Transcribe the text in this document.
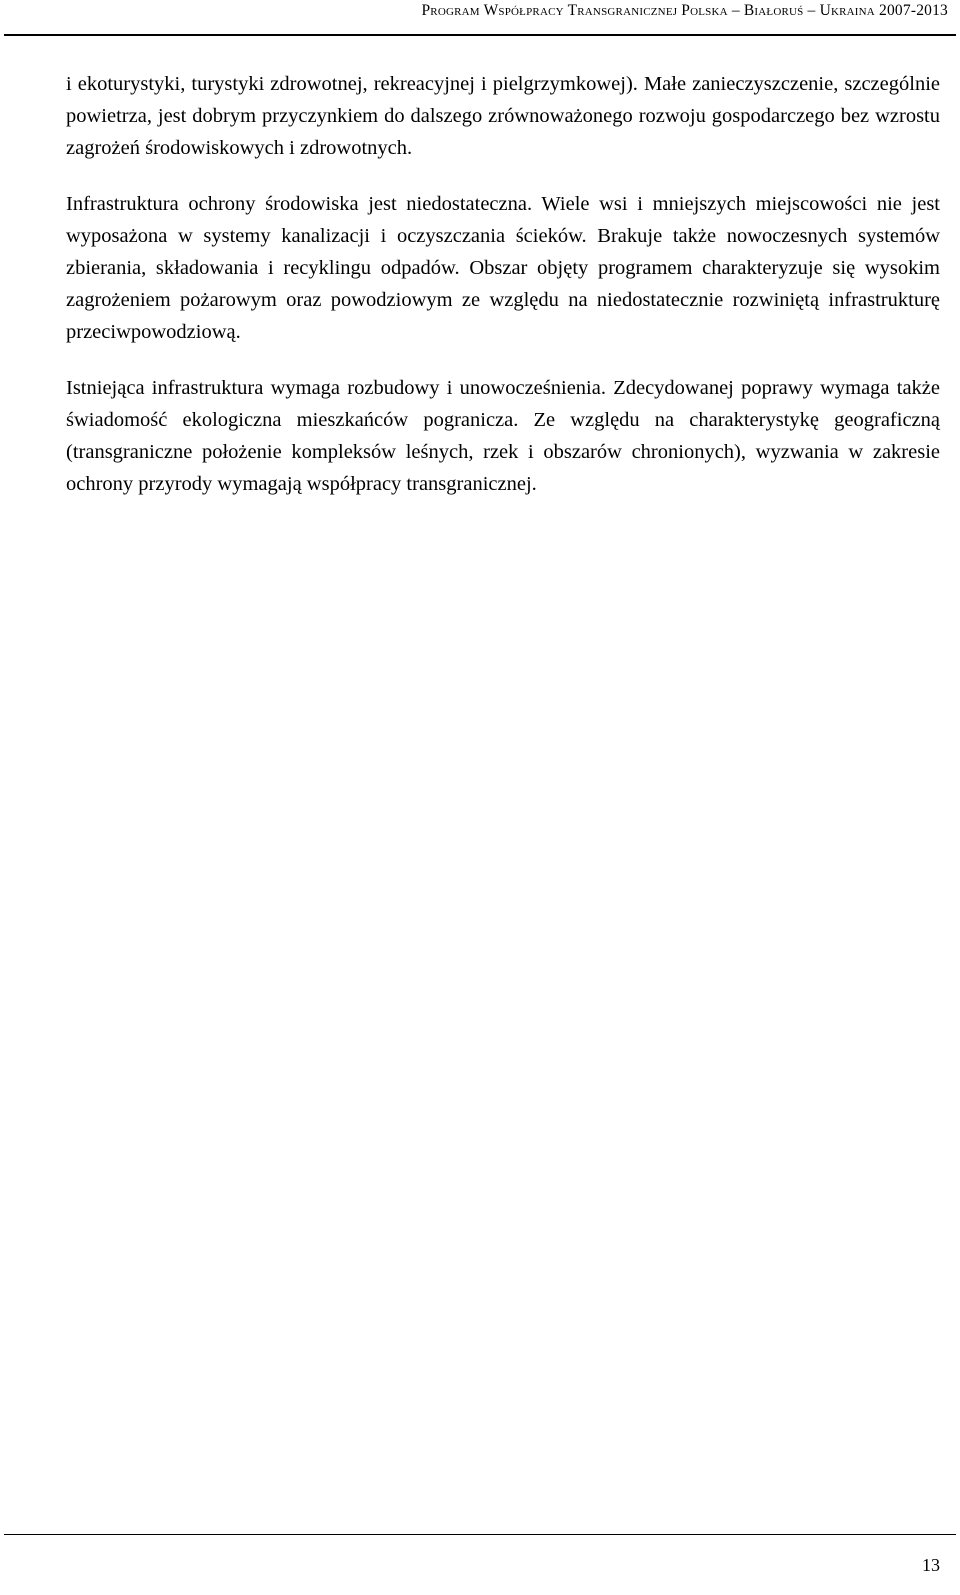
Program Współpracy Transgranicznej Polska – Białoruś – Ukraina 2007-2013

i ekoturystyki, turystyki zdrowotnej, rekreacyjnej i pielgrzymkowej). Małe zanieczyszczenie, szczególnie powietrza, jest dobrym przyczynkiem do dalszego zrównoważonego rozwoju gospodarczego bez wzrostu zagrożeń środowiskowych i zdrowotnych.

Infrastruktura ochrony środowiska jest niedostateczna. Wiele wsi i mniejszych miejscowości nie jest wyposażona w systemy kanalizacji i oczyszczania ścieków. Brakuje także nowoczesnych systemów zbierania, składowania i recyklingu odpadów. Obszar objęty programem charakteryzuje się wysokim zagrożeniem pożarowym oraz powodziowym ze względu na niedostatecznie rozwiniętą infrastrukturę przeciwpowodziową.

Istniejąca infrastruktura wymaga rozbudowy i unowocześnienia. Zdecydowanej poprawy wymaga także świadomość ekologiczna mieszkańców pogranicza. Ze względu na charakterystykę geograficzną (transgraniczne położenie kompleksów leśnych, rzek i obszarów chronionych), wyzwania w zakresie ochrony przyrody wymagają współpracy transgranicznej.

13
